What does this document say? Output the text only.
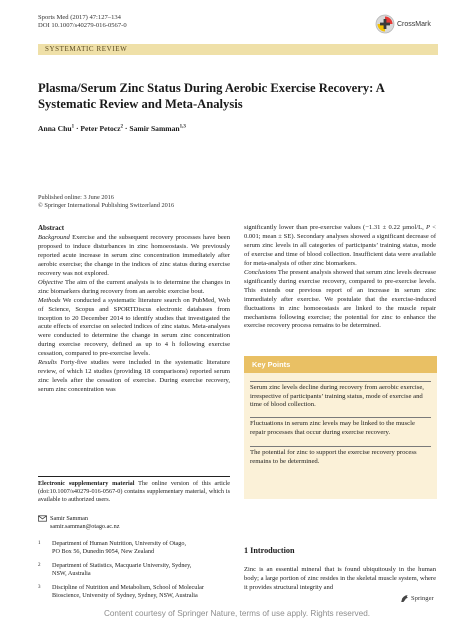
Sports Med (2017) 47:127–134
DOI 10.1007/s40279-016-0567-0	CrossMark
SYSTEMATIC REVIEW
Plasma/Serum Zinc Status During Aerobic Exercise Recovery: A Systematic Review and Meta-Analysis
Anna Chu$^1$ · Peter Petocz$^2$ · Samir Samman$^{1,3}$
Published online: 3 June 2016
© Springer International Publishing Switzerland 2016

Abstract

Background Exercise and the subsequent recovery processes have been proposed to induce disturbances in zinc homoeostasis. We previously reported acute increase in serum zinc concentration immediately after aerobic exercise; the change in the indices of zinc status during exercise recovery was not explored.

Objective The aim of the current analysis is to determine the changes in zinc biomarkers during recovery from an aerobic exercise bout.

Methods We conducted a systematic literature search on PubMed, Web of Science, Scopus and SPORTDiscus electronic databases from inception to 20 December 2014 to identify studies that investigated the acute effects of exercise on selected indices of zinc status. Meta-analyses were conducted to determine the change in serum zinc concentration during exercise recovery, defined as up to 4 h following exercise cessation, compared to pre-exercise levels.

Results Forty-five studies were included in the systematic literature review, of which 12 studies (providing 18 comparisons) reported serum zinc levels after the cessation of exercise. During exercise recovery, serum zinc concentration was

significantly lower than pre-exercise values (−1.31 ± 0.22 µmol/L, P < 0.001; mean ± SE). Secondary analyses showed a significant decrease of serum zinc levels in all categories of participants’ training status, mode of exercise and time of blood collection. Insufficient data were available for meta-analysis of other zinc biomarkers.

Conclusions The present analysis showed that serum zinc levels decrease significantly during exercise recovery, compared to pre-exercise levels. This extends our previous report of an increase in serum zinc immediately after exercise. We postulate that the exercise-induced fluctuations in zinc homoeostasis are linked to the muscle repair mechanisms following exercise; the potential for zinc to enhance the exercise recovery process remains to be determined.

Electronic supplementary material The online version of this article (doi:10.1007/s40279-016-0567-0) contains supplementary material, which is available to authorized users.
Samir Samman
samir.samman@otago.ac.nz
1 Department of Human Nutrition, University of Otago,
PO Box 56, Dunedin 9054, New Zealand
2 Department of Statistics, Macquarie University, Sydney,
NSW, Australia
3 Discipline of Nutrition and Metabolism, School of Molecular
Bioscience, University of Sydney, Sydney, NSW, Australia
Key Points
Serum zinc levels decline during recovery from aerobic exercise, irrespective of participants’ training status, mode of exercise and time of blood collection.
Fluctuations in serum zinc levels may be linked to the muscle repair processes that occur during exercise recovery.
The potential for zinc to support the exercise recovery process remains to be determined.
1 Introduction
Zinc is an essential mineral that is found ubiquitously in the human body; a large portion of zinc resides in the skeletal muscle system, where it provides structural integrity and
Springer
Content courtesy of Springer Nature, terms of use apply. Rights reserved.
